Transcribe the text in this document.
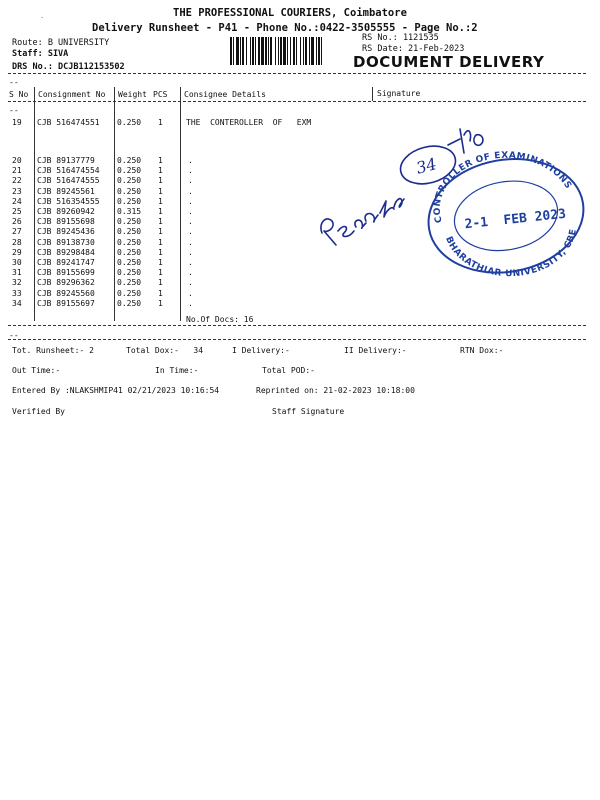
THE PROFESSIONAL COURIERS, Coimbatore
Delivery Runsheet - P41 - Phone No.:0422-3505555 - Page No.:2
Route: B UNIVERSITY
Staff: SIVA
DRS No.: DCJB112153502
RS No.: 1121535
RS Date: 21-Feb-2023
DOCUMENT DELIVERY
·
--
S No Consignment No Weight PCS Consignee Details	Signature
--
19 CJB 516474551 0.250 1	THE  CONTEROLLER  OF   EXM
20 CJB 89137779	0.250 1	.
21 CJB 516474554 0.250 1	.
22 CJB 516474555 0.250 1	.
23 CJB 89245561	0.250 1	.
24 CJB 516354555 0.250 1	.
25 CJB 89260942	0.315 1	.
26 CJB 89155698	0.250 1	.
27 CJB 89245436	0.250 1	.
28 CJB 89138730	0.250 1	.
29 CJB 89298484	0.250 1	.
30 CJB 89241747	0.250 1	.
31 CJB 89155699	0.250 1	.
32 CJB 89296362	0.250 1	.
33 CJB 89245560	0.250 1	.
34 CJB 89155697	0.250 1	.
No.Of Docs: 16
--
Tot. Runsheet:- 2	Total Dox:-   34	I Delivery:-	II Delivery:-	RTN Dox:-
Out Time:-	In Time:-	Total POD:-
Entered By :NLAKSHMIP41 02/21/2023 10:16:54	Reprinted on: 21-02-2023 10:18:00
Verified By	Staff Signature
34
CONTROLLER OF EXAMINATIONS
BHARATHIAR UNIVERSITY, CBE
2-1  FEB 2023
